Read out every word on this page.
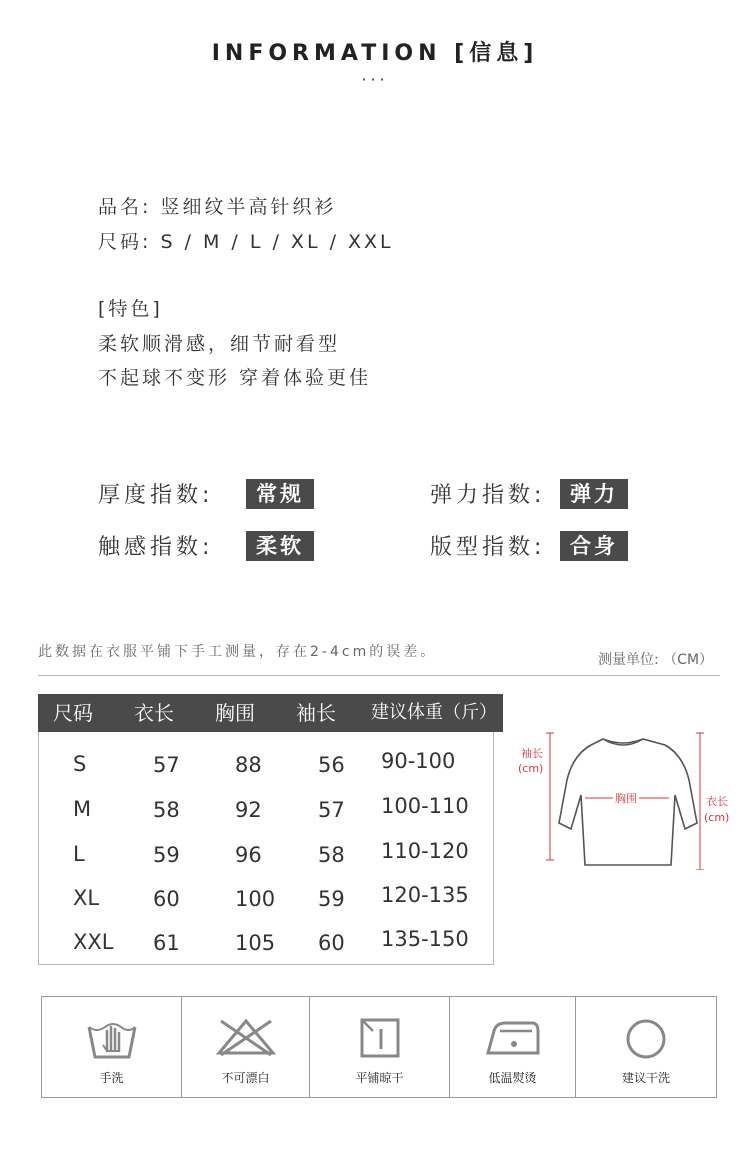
INFORMATION [信息]
···
品名: 竖细纹半高针织衫
尺码: S / M / L / XL / XXL
[特色]
柔软顺滑感，细节耐看型
不起球不变形 穿着体验更佳
厚度指数:	常规	弹力指数:	弹力
触感指数:	柔软	版型指数:	合身
此数据在衣服平铺下手工测量，存在2-4cm的误差。	测量单位: （CM）
尺码 衣长 胸围 袖长 建议体重（斤）
S	57	88	56 90-100
M	58	92	57 100-110
L	59	96	58 110-120
XL	60	100 59 120-135
XXL 61	105 60 135-150
袖长
(cm)
胸围	衣长
(cm)
手洗	不可漂白	平铺晾干	低温熨烫	建议干洗
